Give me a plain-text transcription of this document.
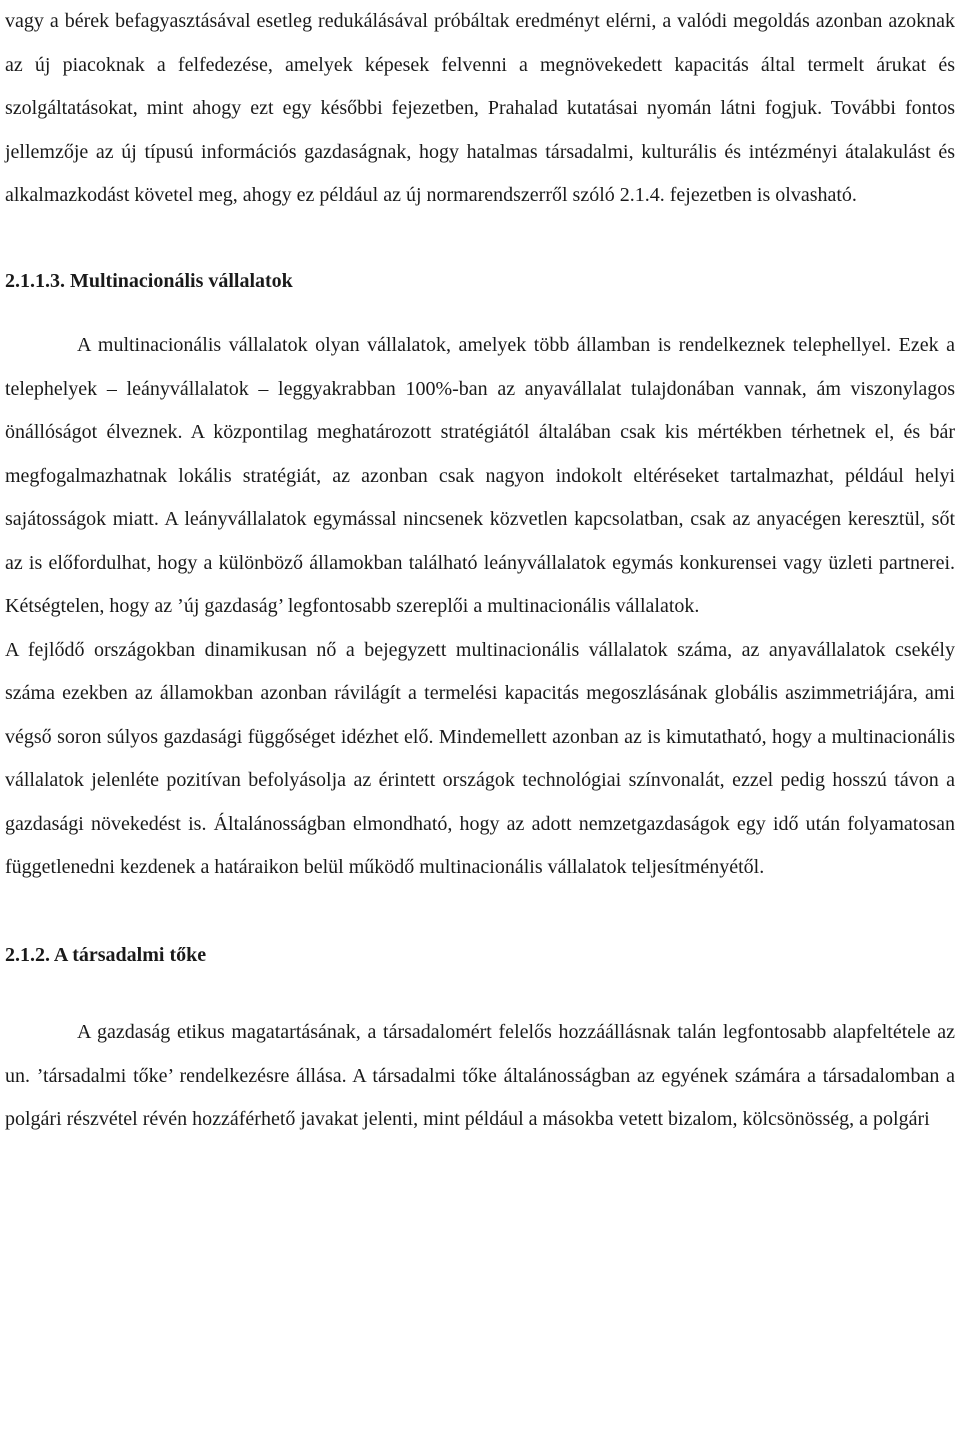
vagy a bérek befagyasztásával esetleg redukálásával próbáltak eredményt elérni, a valódi megoldás azonban azoknak az új piacoknak a felfedezése, amelyek képesek felvenni a megnövekedett kapacitás által termelt árukat és szolgáltatásokat, mint ahogy ezt egy későbbi fejezetben, Prahalad kutatásai nyomán látni fogjuk. További fontos jellemzője az új típusú információs gazdaságnak, hogy hatalmas társadalmi, kulturális és intézményi átalakulást és alkalmazkodást követel meg, ahogy ez például az új normarendszerről szóló 2.1.4. fejezetben is olvasható.

2.1.1.3. Multinacionális vállalatok

A multinacionális vállalatok olyan vállalatok, amelyek több államban is rendelkeznek telephellyel. Ezek a telephelyek – leányvállalatok – leggyakrabban 100%-ban az anyavállalat tulajdonában vannak, ám viszonylagos önállóságot élveznek. A központilag meghatározott stratégiától általában csak kis mértékben térhetnek el, és bár megfogalmazhatnak lokális stratégiát, az azonban csak nagyon indokolt eltéréseket tartalmazhat, például helyi sajátosságok miatt. A leányvállalatok egymással nincsenek közvetlen kapcsolatban, csak az anyacégen keresztül, sőt az is előfordulhat, hogy a különböző államokban található leányvállalatok egymás konkurensei vagy üzleti partnerei. Kétségtelen, hogy az ’új gazdaság’ legfontosabb szereplői a multinacionális vállalatok.

A fejlődő országokban dinamikusan nő a bejegyzett multinacionális vállalatok száma, az anyavállalatok csekély száma ezekben az államokban azonban rávilágít a termelési kapacitás megoszlásának globális aszimmetriájára, ami végső soron súlyos gazdasági függőséget idézhet elő. Mindemellett azonban az is kimutatható, hogy a multinacionális vállalatok jelenléte pozitívan befolyásolja az érintett országok technológiai színvonalát, ezzel pedig hosszú távon a gazdasági növekedést is. Általánosságban elmondható, hogy az adott nemzetgazdaságok egy idő után folyamatosan függetlenedni kezdenek a határaikon belül működő multinacionális vállalatok teljesítményétől.

2.1.2. A társadalmi tőke

A gazdaság etikus magatartásának, a társadalomért felelős hozzáállásnak talán legfontosabb alapfeltétele az un. ’társadalmi tőke’ rendelkezésre állása. A társadalmi tőke általánosságban az egyének számára a társadalomban a polgári részvétel révén hozzáférhető javakat jelenti, mint például a másokba vetett bizalom, kölcsönösség, a polgári
